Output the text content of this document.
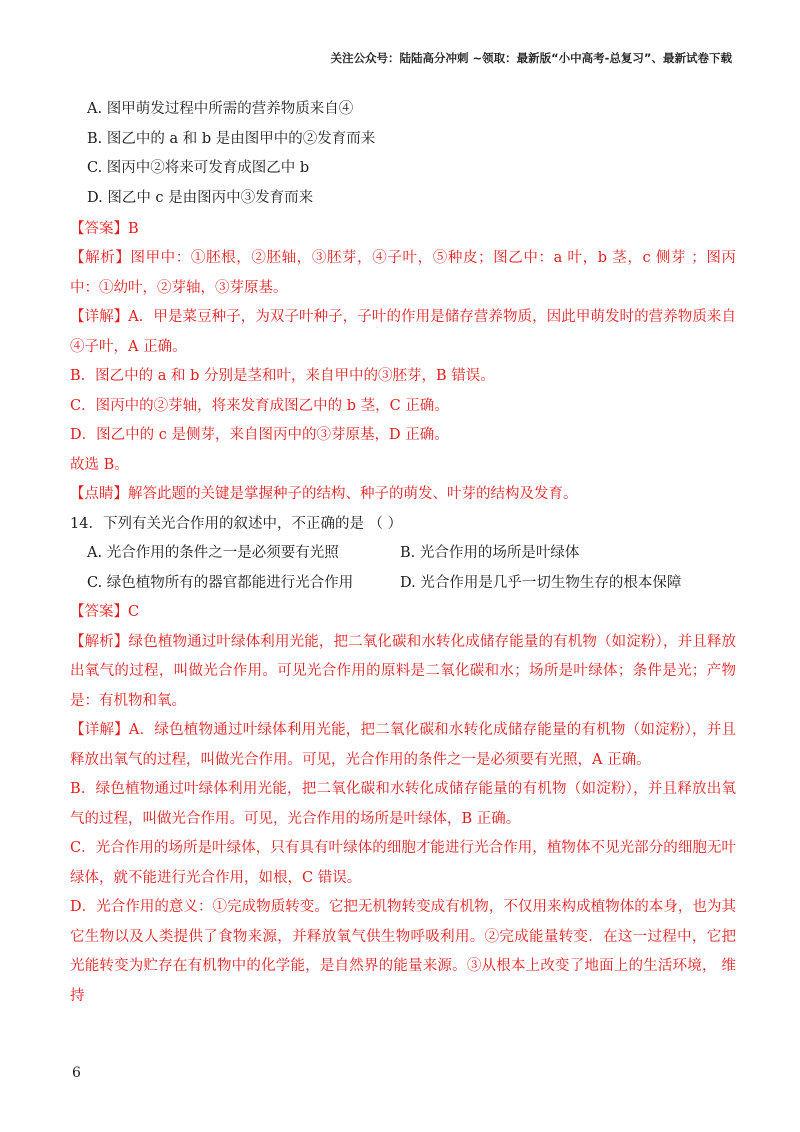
关注公众号：陆陆高分冲刺 ~领取：最新版“小中高考-总复习”、最新试卷下载
A. 图甲萌发过程中所需的营养物质来自④
B. 图乙中的 a 和 b 是由图甲中的②发育而来
C. 图丙中②将来可发育成图乙中 b
D. 图乙中 c 是由图丙中③发育而来
【答案】B
【解析】图甲中：①胚根，②胚轴，③胚芽，④子叶，⑤种皮；图乙中：a 叶，b 茎，c 侧芽 ；图丙中：①幼叶，②芽轴，③芽原基。
【详解】A．甲是菜豆种子，为双子叶种子，子叶的作用是储存营养物质，因此甲萌发时的营养物质来自④子叶，A 正确。
B．图乙中的 a 和 b 分别是茎和叶，来自甲中的③胚芽，B 错误。
C．图丙中的②芽轴，将来发育成图乙中的 b 茎，C 正确。
D．图乙中的 c 是侧芽，来自图丙中的③芽原基，D 正确。
故选 B。
【点睛】解答此题的关键是掌握种子的结构、种子的萌发、叶芽的结构及发育。
14．下列有关光合作用的叙述中，不正确的是 （ ）
A. 光合作用的条件之一是必须要有光照	B. 光合作用的场所是叶绿体
C. 绿色植物所有的器官都能进行光合作用	D. 光合作用是几乎一切生物生存的根本保障
【答案】C
【解析】绿色植物通过叶绿体利用光能，把二氧化碳和水转化成储存能量的有机物（如淀粉），并且释放出氧气的过程，叫做光合作用。可见光合作用的原料是二氧化碳和水；场所是叶绿体；条件是光；产物是：有机物和氧。
【详解】A．绿色植物通过叶绿体利用光能，把二氧化碳和水转化成储存能量的有机物（如淀粉），并且释放出氧气的过程，叫做光合作用。可见，光合作用的条件之一是必须要有光照，A 正确。
B．绿色植物通过叶绿体利用光能，把二氧化碳和水转化成储存能量的有机物（如淀粉），并且释放出氧气的过程，叫做光合作用。可见，光合作用的场所是叶绿体，B 正确。
C．光合作用的场所是叶绿体，只有具有叶绿体的细胞才能进行光合作用，植物体不见光部分的细胞无叶绿体，就不能进行光合作用，如根，C 错误。
D．光合作用的意义：①完成物质转变。它把无机物转变成有机物，不仅用来构成植物体的本身，也为其它生物以及人类提供了食物来源，并释放氧气供生物呼吸利用。②完成能量转变．在这一过程中，它把光能转变为贮存在有机物中的化学能，是自然界的能量来源。③从根本上改变了地面上的生活环境， 维持
6
